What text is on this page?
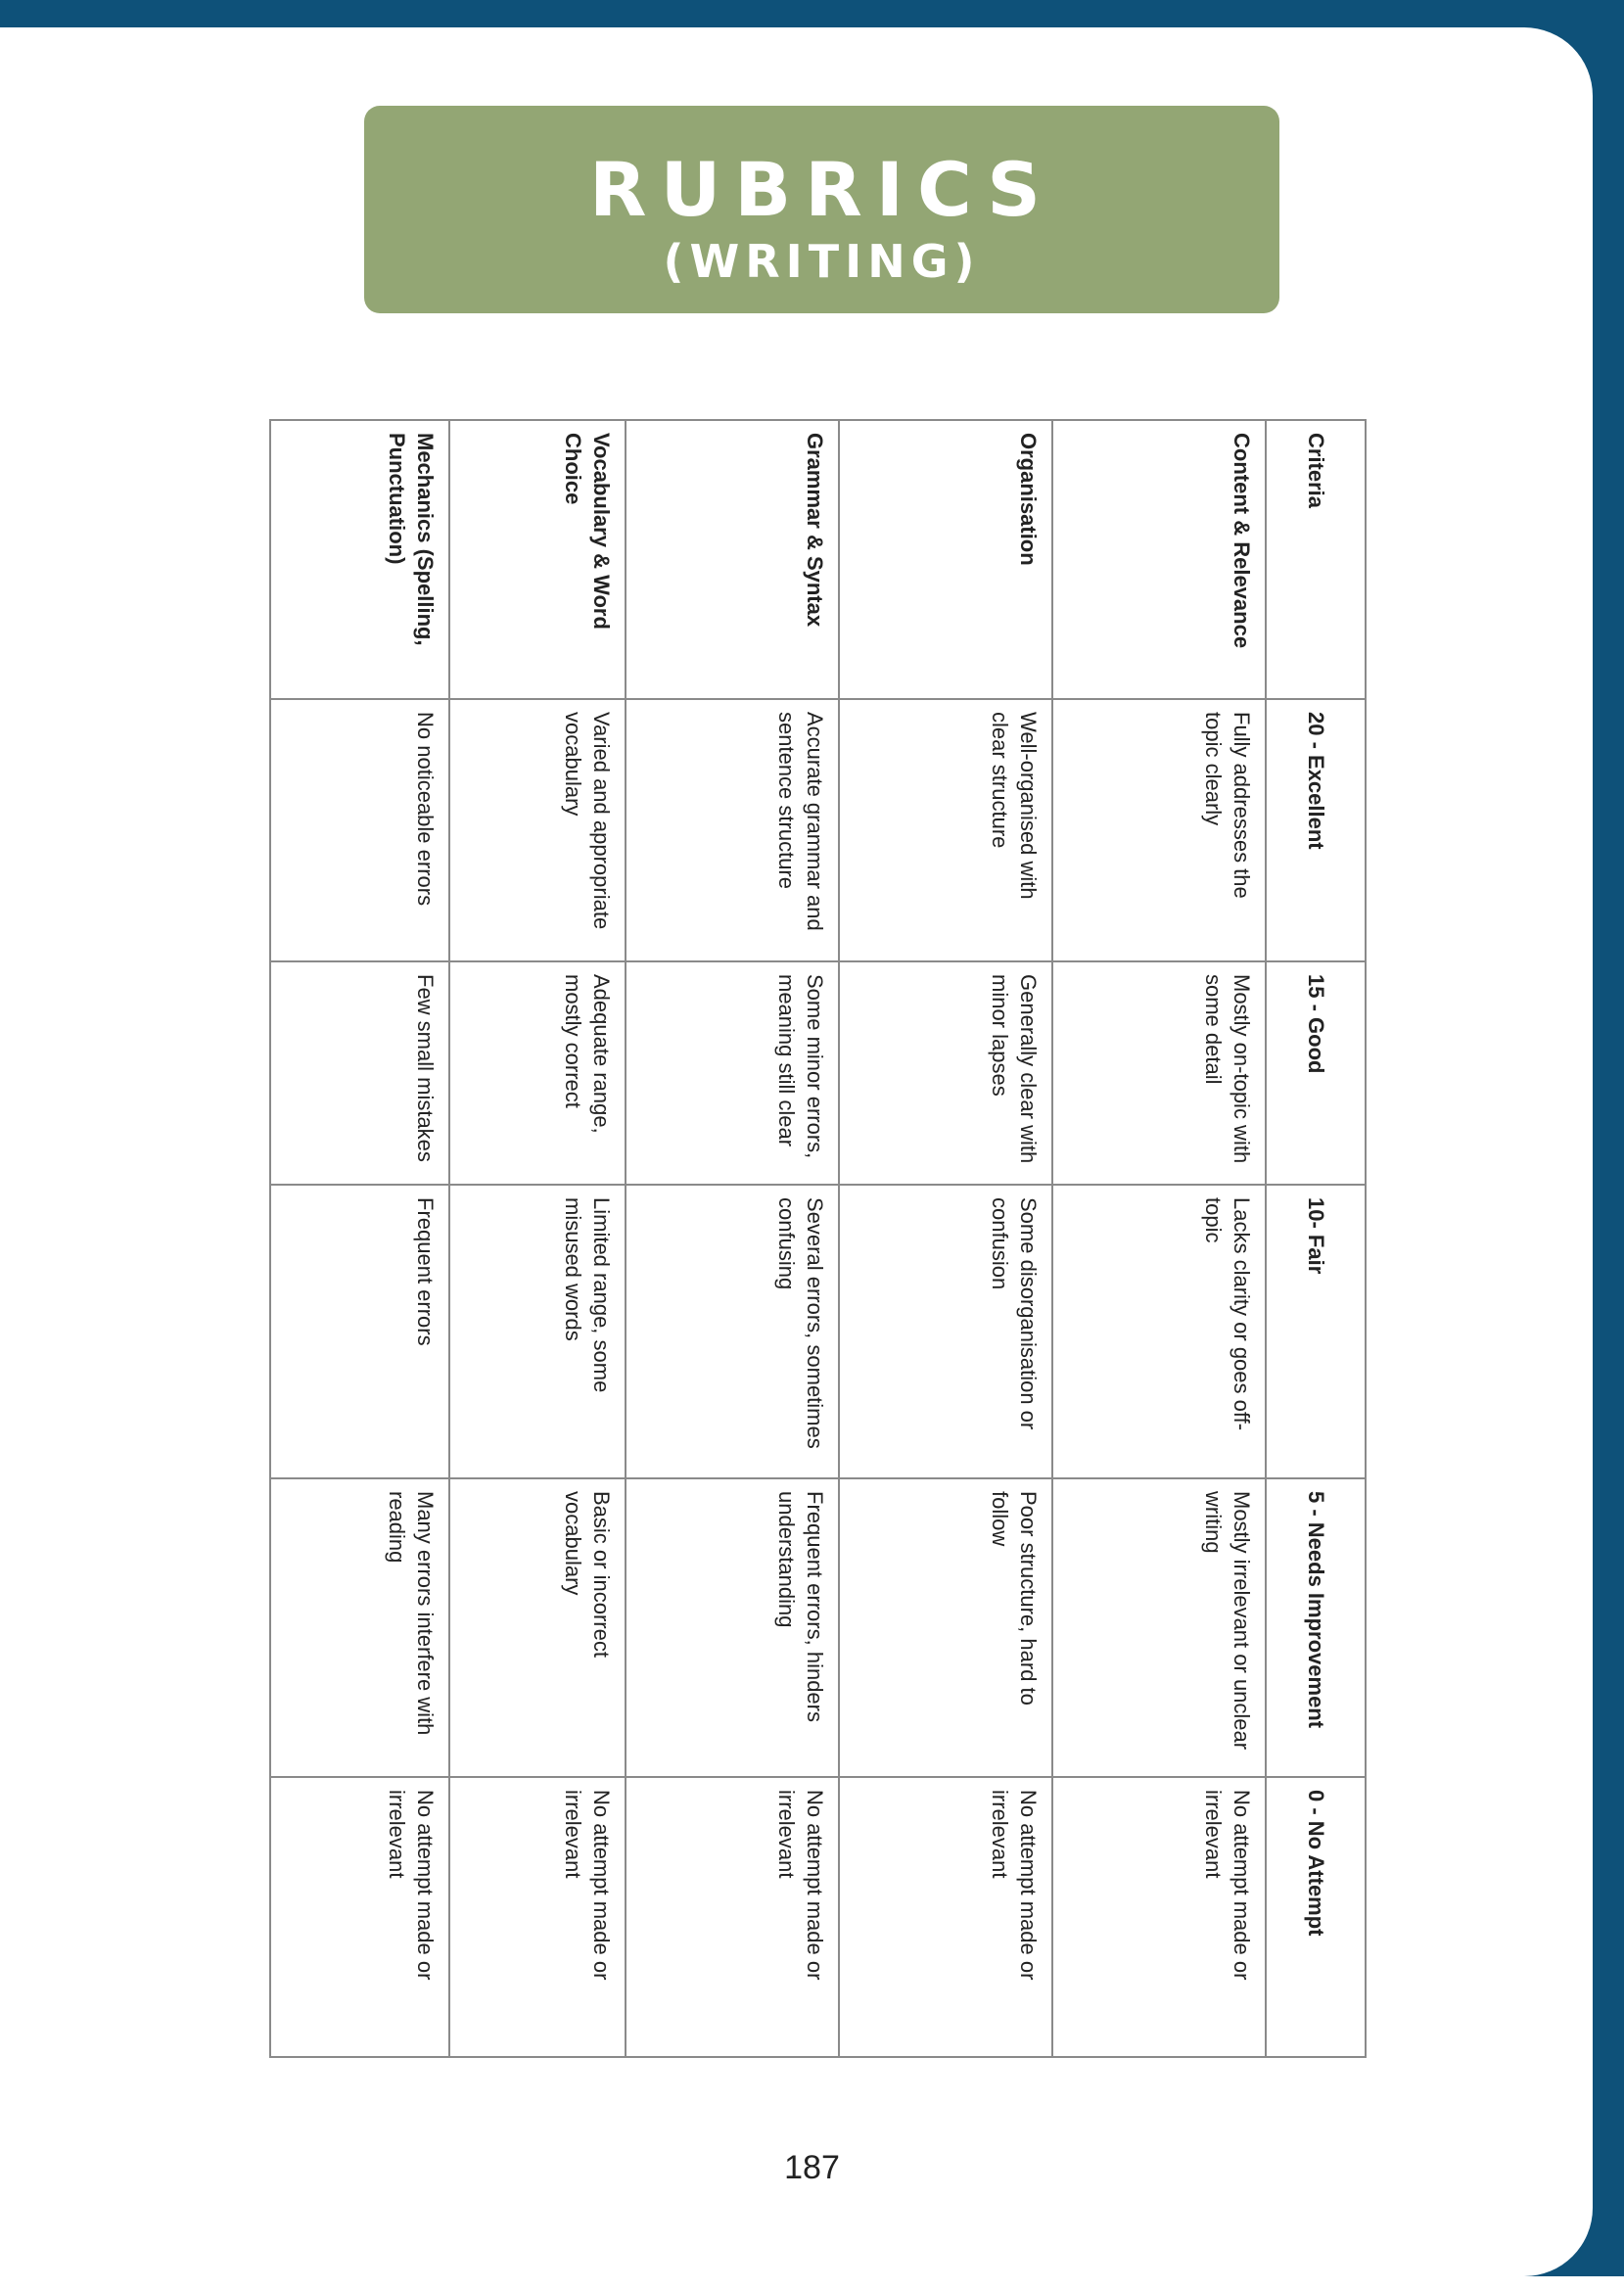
RUBRICS
(WRITING)
Criteria	20 - Excellent	15 - Good	10- Fair	5 - Needs Improvement	0 - No Attempt
Content & Relevance	Fully addresses the topic clearly	Mostly on-topic with some detail	Lacks clarity or goes off-topic	Mostly irrelevant or unclear writing	No attempt made or irrelevant
Organisation	Well-organised with clear structure	Generally clear with minor lapses	Some disorganisation or confusion	Poor structure, hard to follow	No attempt made or irrelevant
Grammar & Syntax	Accurate grammar and sentence structure	Some minor errors, meaning still clear	Several errors, sometimes confusing	Frequent errors, hinders understanding	No attempt made or irrelevant
Vocabulary & Word Choice	Varied and appropriate vocabulary	Adequate range, mostly correct	Limited range, some misused words	Basic or incorrect vocabulary	No attempt made or irrelevant
Mechanics (Spelling, Punctuation)	No noticeable errors	Few small mistakes	Frequent errors	Many errors interfere with reading	No attempt made or irrelevant
187
